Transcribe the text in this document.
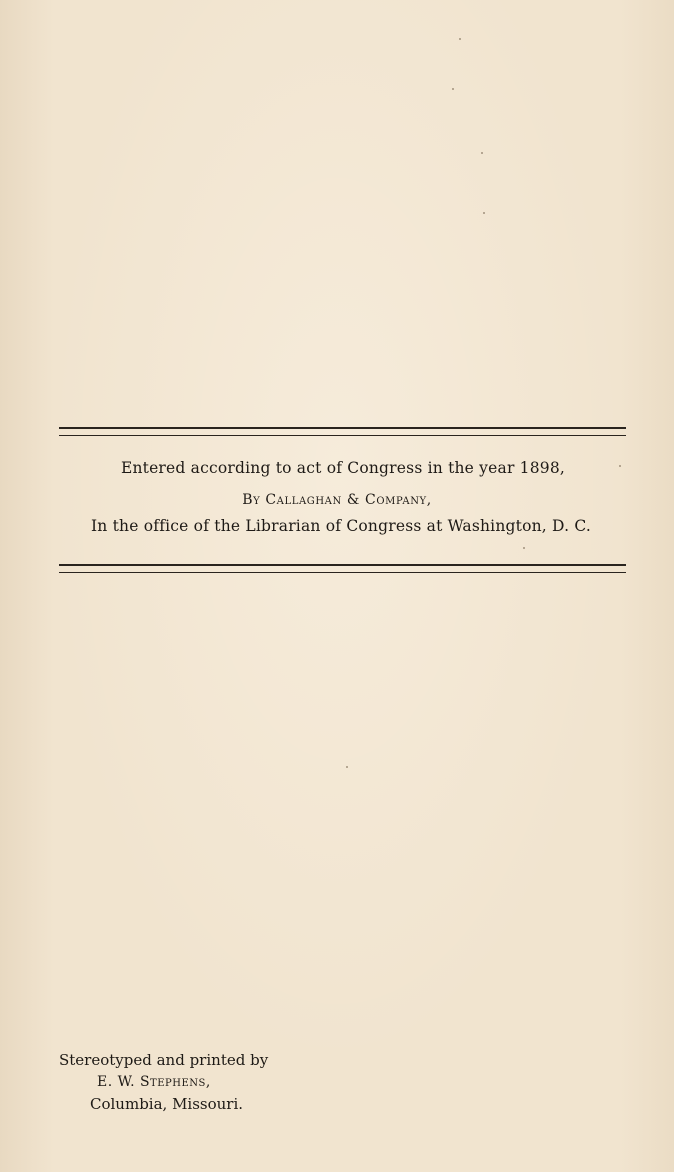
Entered according to act of Congress in the year 1898,
By Callaghan & Company,
In the office of the Librarian of Congress at Washington, D. C.
Stereotyped and printed by
E. W. Stephens,
Columbia, Missouri.
